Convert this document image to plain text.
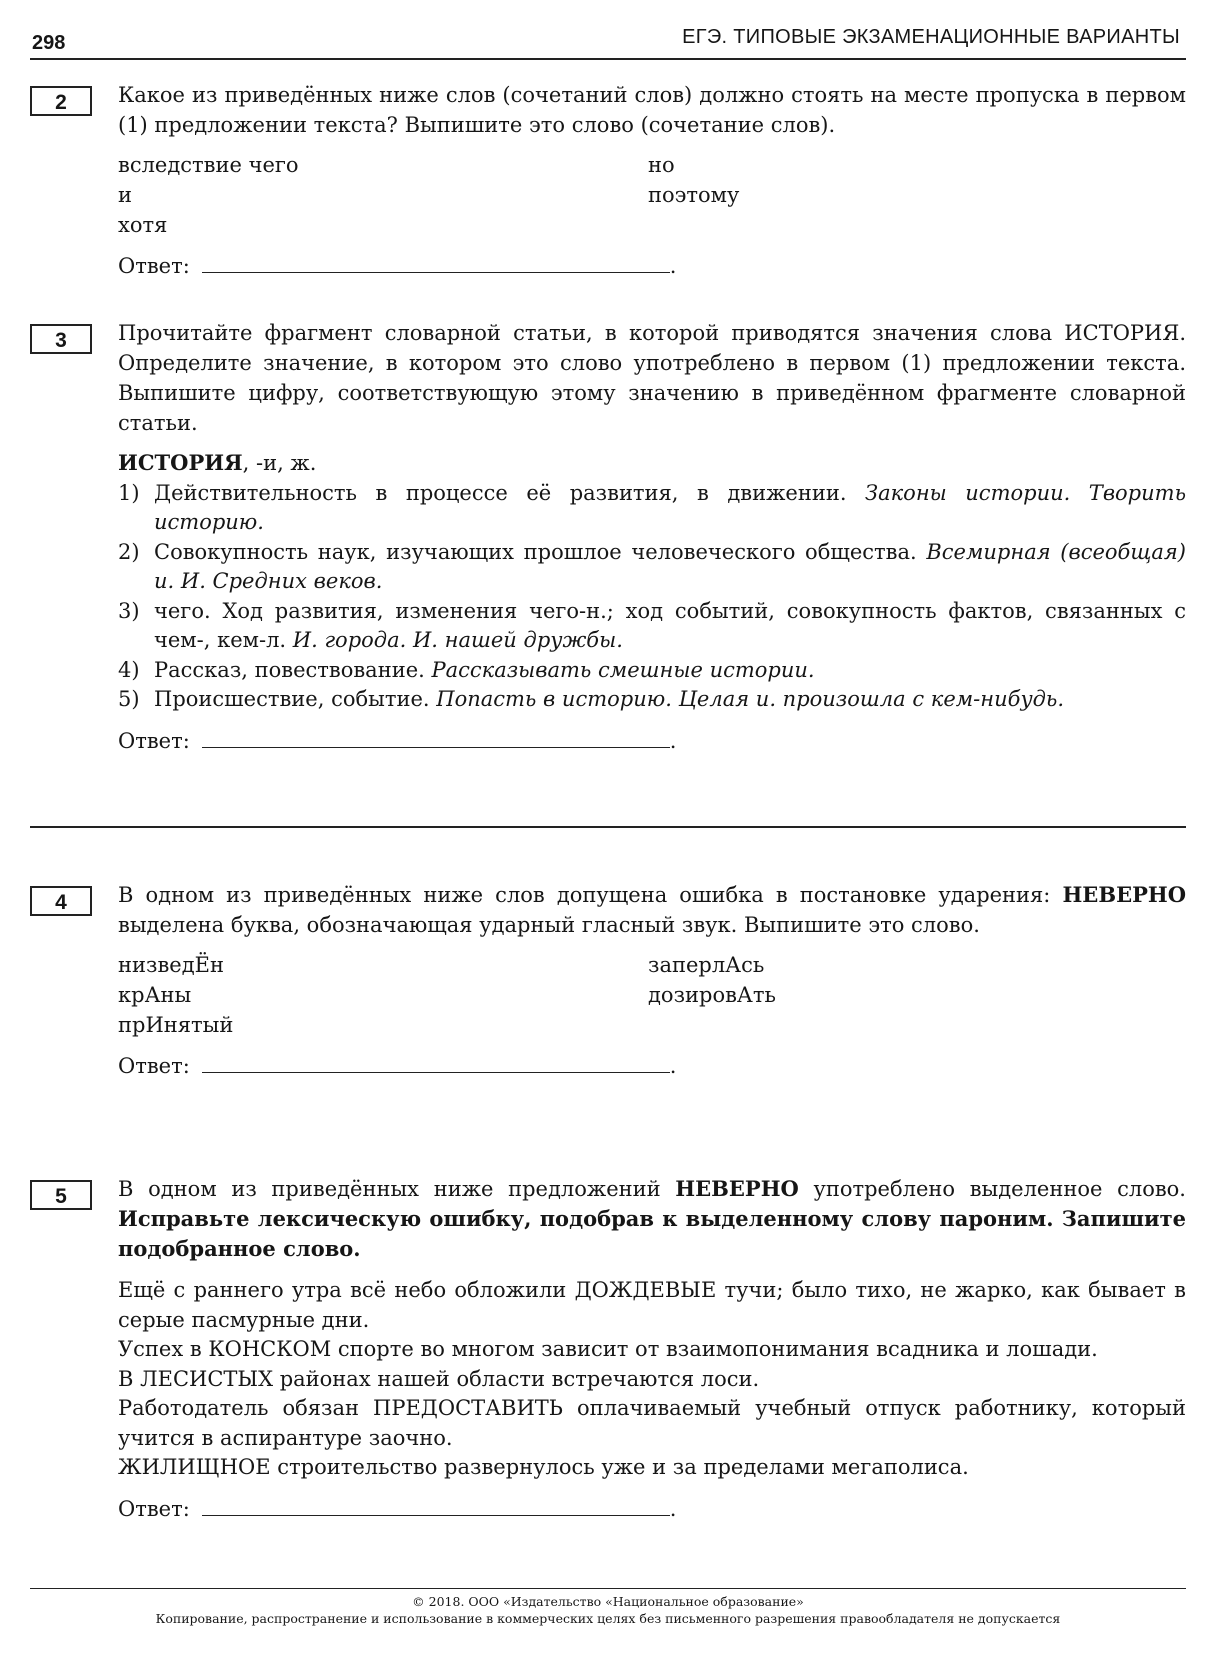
298	ЕГЭ. ТИПОВЫЕ ЭКЗАМЕНАЦИОННЫЕ ВАРИАНТЫ
2	Какое из приведённых ниже слов (сочетаний слов) должно стоять на месте пропуска в первом (1) предложении текста? Выпишите это слово (сочетание слов).

вследствие чего
и
хотя
но
поэтому
Ответ:	.
3	Прочитайте фрагмент словарной статьи, в которой приводятся значения слова ИСТОРИЯ. Определите значение, в котором это слово употреблено в первом (1) предложении текста. Выпишите цифру, соответствующую этому значению в приведённом фрагменте словарной статьи.

ИСТОРИЯ, -и, ж.
1) Действительность в процессе её развития, в движении. Законы истории. Творить историю.
2) Совокупность наук, изучающих прошлое человеческого общества. Всемирная (всеобщая) и. И. Средних веков.
3) чего. Ход развития, изменения чего-н.; ход событий, совокупность фактов, связанных с чем-, кем-л. И. города. И. нашей дружбы.
4) Рассказ, повествование. Рассказывать смешные истории.
5) Происшествие, событие. Попасть в историю. Целая и. произошла с кем-нибудь.
Ответ:	.
4	В одном из приведённых ниже слов допущена ошибка в постановке ударения: НЕВЕРНО выделена буква, обозначающая ударный гласный звук. Выпишите это слово.

низведЁн
крАны
прИнятый
заперлАсь
дозировАть
Ответ:	.
5	В одном из приведённых ниже предложений НЕВЕРНО употреблено выделенное слово. Исправьте лексическую ошибку, подобрав к выделенному слову пароним. Запишите подобранное слово.

Ещё с раннего утра всё небо обложили ДОЖДЕВЫЕ тучи; было тихо, не жарко, как бывает в серые пасмурные дни.

Успех в КОНСКОМ спорте во многом зависит от взаимопонимания всадника и лошади.

В ЛЕСИСТЫХ районах нашей области встречаются лоси.

Работодатель обязан ПРЕДОСТАВИТЬ оплачиваемый учебный отпуск работнику, который учится в аспирантуре заочно.

ЖИЛИЩНОЕ строительство развернулось уже и за пределами мегаполиса.

Ответ:	.
© 2018. ООО «Издательство «Национальное образование»
Копирование, распространение и использование в коммерческих целях без письменного разрешения правообладателя не допускается
